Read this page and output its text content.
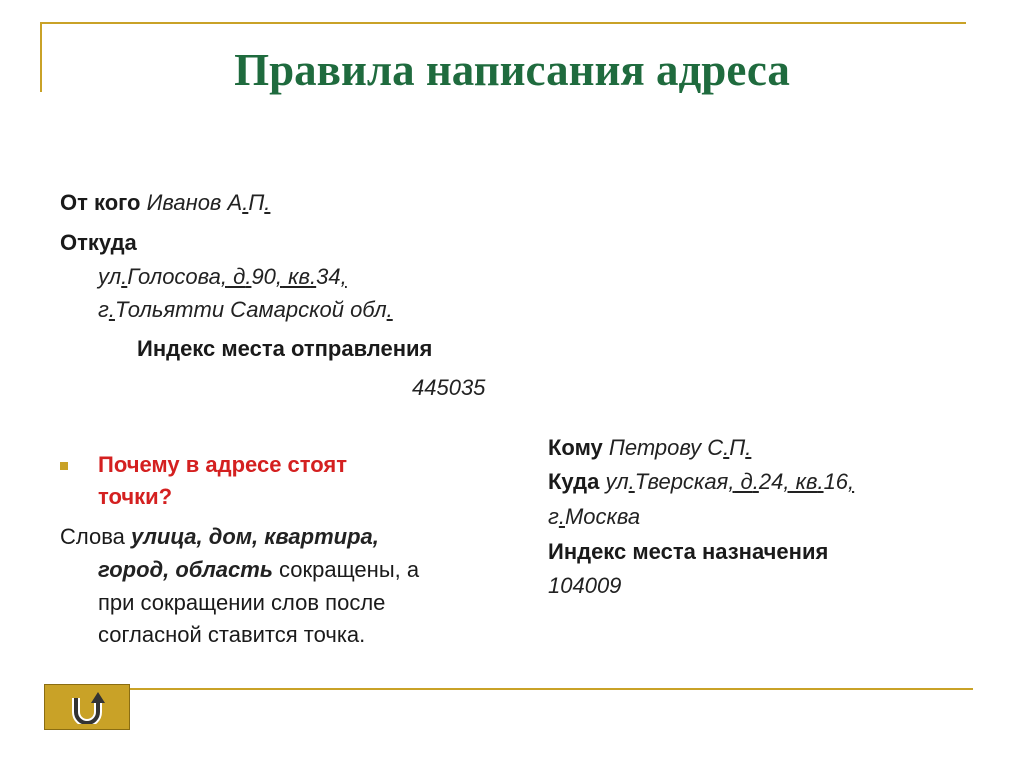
Правила написания адреса
От кого Иванов А.П.
Откуда
ул.Голосова, д.90, кв.34,
г.Тольятти Самарской обл.
Индекс места отправления
445035
Почему в адресе стоят
точки?
Слова улица, дом, квартира,
город, область сокращены, а
при сокращении слов после
согласной ставится точка.
Кому Петрову С.П.
Куда ул.Тверская, д.24, кв.16,
г.Москва
Индекс места назначения
104009
